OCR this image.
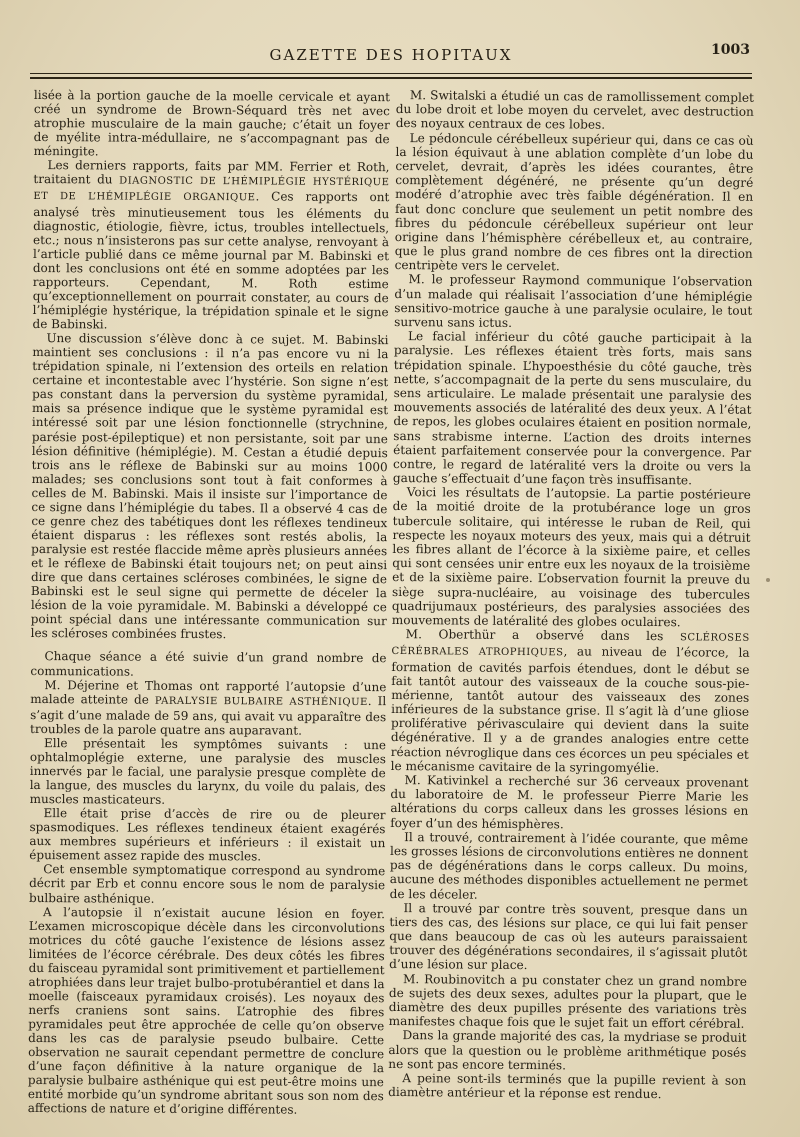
GAZETTE DES HOPITAUX	1003

lisée à la portion gauche de la moelle cervicale et ayant créé un syndrome de Brown-Séquard très net avec atrophie musculaire de la main gauche; c’était un foyer de myélite intra-médullaire, ne s’accompagnant pas de méningite.

Les derniers rapports, faits par MM. Ferrier et Roth, traitaient du DIAGNOSTIC DE L’HÉMIPLÉGIE HYSTÉRIQUE ET DE L’HÉMIPLÉGIE ORGANIQUE. Ces rapports ont analysé très minutieusement tous les éléments du diagnostic, étiologie, fièvre, ictus, troubles intellectuels, etc.; nous n’insisterons pas sur cette analyse, renvoyant à l’article publié dans ce même journal par M. Babinski et dont les conclusions ont été en somme adoptées par les rapporteurs. Cependant, M. Roth estime qu’exceptionnellement on pourrait constater, au cours de l’hémiplégie hystérique, la trépidation spinale et le signe de Babinski.

Une discussion s’élève donc à ce sujet. M. Babinski maintient ses conclusions : il n’a pas encore vu ni la trépidation spinale, ni l’extension des orteils en relation certaine et incontestable avec l’hystérie. Son signe n’est pas constant dans la perversion du système pyramidal, mais sa présence indique que le système pyramidal est intéressé soit par une lésion fonctionnelle (strychnine, parésie post-épileptique) et non persistante, soit par une lésion définitive (hémiplégie). M. Cestan a étudié depuis trois ans le réflexe de Babinski sur au moins 1000 malades; ses conclusions sont tout à fait conformes à celles de M. Babinski. Mais il insiste sur l’importance de ce signe dans l’hémiplégie du tabes. Il a observé 4 cas de ce genre chez des tabétiques dont les réflexes tendineux étaient disparus : les réflexes sont restés abolis, la paralysie est restée flaccide même après plusieurs années et le réflexe de Babinski était toujours net; on peut ainsi dire que dans certaines scléroses combinées, le signe de Babinski est le seul signe qui permette de déceler la lésion de la voie pyramidale. M. Babinski a développé ce point spécial dans une intéressante communication sur les scléroses combinées frustes.

Chaque séance a été suivie d’un grand nombre de communications.

M. Déjerine et Thomas ont rapporté l’autopsie d’une malade atteinte de PARALYSIE BULBAIRE ASTHÉNIQUE. Il s’agit d’une malade de 59 ans, qui avait vu apparaître des troubles de la parole quatre ans auparavant.

Elle présentait les symptômes suivants : une ophtalmoplégie externe, une paralysie des muscles innervés par le facial, une paralysie presque complète de la langue, des muscles du larynx, du voile du palais, des muscles masticateurs.

Elle était prise d’accès de rire ou de pleurer spasmodiques. Les réflexes tendineux étaient exagérés aux membres supérieurs et inférieurs : il existait un épuisement assez rapide des muscles.

Cet ensemble symptomatique correspond au syndrome décrit par Erb et connu encore sous le nom de paralysie bulbaire asthénique.

A l’autopsie il n’existait aucune lésion en foyer. L’examen microscopique décèle dans les circonvolutions motrices du côté gauche l’existence de lésions assez limitées de l’écorce cérébrale. Des deux côtés les fibres du faisceau pyramidal sont primitivement et partiellement atrophiées dans leur trajet bulbo-protubérantiel et dans la moelle (faisceaux pyramidaux croisés). Les noyaux des nerfs craniens sont sains. L’atrophie des fibres pyramidales peut être approchée de celle qu’on observe dans les cas de paralysie pseudo bulbaire. Cette observation ne saurait cependant permettre de conclure d’une façon définitive à la nature organique de la paralysie bulbaire asthénique qui est peut-être moins une entité morbide qu’un syndrome abritant sous son nom des affections de nature et d’origine différentes.

M. Switalski a étudié un cas de ramollissement complet du lobe droit et lobe moyen du cervelet, avec destruction des noyaux centraux de ces lobes.

Le pédoncule cérébelleux supérieur qui, dans ce cas où la lésion équivaut à une ablation complète d’un lobe du cervelet, devrait, d’après les idées courantes, être complètement dégénéré, ne présente qu’un degré modéré d’atrophie avec très faible dégénération. Il en faut donc conclure que seulement un petit nombre des fibres du pédoncule cérébelleux supérieur ont leur origine dans l’hémisphère cérébelleux et, au contraire, que le plus grand nombre de ces fibres ont la direction centripète vers le cervelet.

M. le professeur Raymond communique l’observation d’un malade qui réalisait l’association d’une hémiplégie sensitivo-motrice gauche à une paralysie oculaire, le tout survenu sans ictus.

Le facial inférieur du côté gauche participait à la paralysie. Les réflexes étaient très forts, mais sans trépidation spinale. L’hypoesthésie du côté gauche, très nette, s’accompagnait de la perte du sens musculaire, du sens articulaire. Le malade présentait une paralysie des mouvements associés de latéralité des deux yeux. A l’état de repos, les globes oculaires étaient en position normale, sans strabisme interne. L’action des droits internes étaient parfaitement conservée pour la convergence. Par contre, le regard de latéralité vers la droite ou vers la gauche s’effectuait d’une façon très insuffisante.

Voici les résultats de l’autopsie. La partie postérieure de la moitié droite de la protubérance loge un gros tubercule solitaire, qui intéresse le ruban de Reil, qui respecte les noyaux moteurs des yeux, mais qui a détruit les fibres allant de l’écorce à la sixième paire, et celles qui sont censées unir entre eux les noyaux de la troisième et de la sixième paire. L’observation fournit la preuve du siège supra-nucléaire, au voisinage des tubercules quadrijumaux postérieurs, des paralysies associées des mouvements de latéralité des globes oculaires.

M. Oberthür a observé dans les SCLÉROSES CÉRÉBRALES ATROPHIQUES, au niveau de l’écorce, la formation de cavités parfois étendues, dont le début se fait tantôt autour des vaisseaux de la couche sous-pie-mérienne, tantôt autour des vaisseaux des zones inférieures de la substance grise. Il s’agit là d’une gliose proliférative périvasculaire qui devient dans la suite dégénérative. Il y a de grandes analogies entre cette réaction névroglique dans ces écorces un peu spéciales et le mécanisme cavitaire de la syringomyélie.

M. Kativinkel a recherché sur 36 cerveaux provenant du laboratoire de M. le professeur Pierre Marie les altérations du corps calleux dans les grosses lésions en foyer d’un des hémisphères.

Il a trouvé, contrairement à l’idée courante, que même les grosses lésions de circonvolutions entières ne donnent pas de dégénérations dans le corps calleux. Du moins, aucune des méthodes disponibles actuellement ne permet de les déceler.

Il a trouvé par contre très souvent, presque dans un tiers des cas, des lésions sur place, ce qui lui fait penser que dans beaucoup de cas où les auteurs paraissaient trouver des dégénérations secondaires, il s’agissait plutôt d’une lésion sur place.

M. Roubinovitch a pu constater chez un grand nombre de sujets des deux sexes, adultes pour la plupart, que le diamètre des deux pupilles présente des variations très manifestes chaque fois que le sujet fait un effort cérébral.

Dans la grande majorité des cas, la mydriase se produit alors que la question ou le problème arithmétique posés ne sont pas encore terminés.

A peine sont-ils terminés que la pupille revient à son diamètre antérieur et la réponse est rendue.
